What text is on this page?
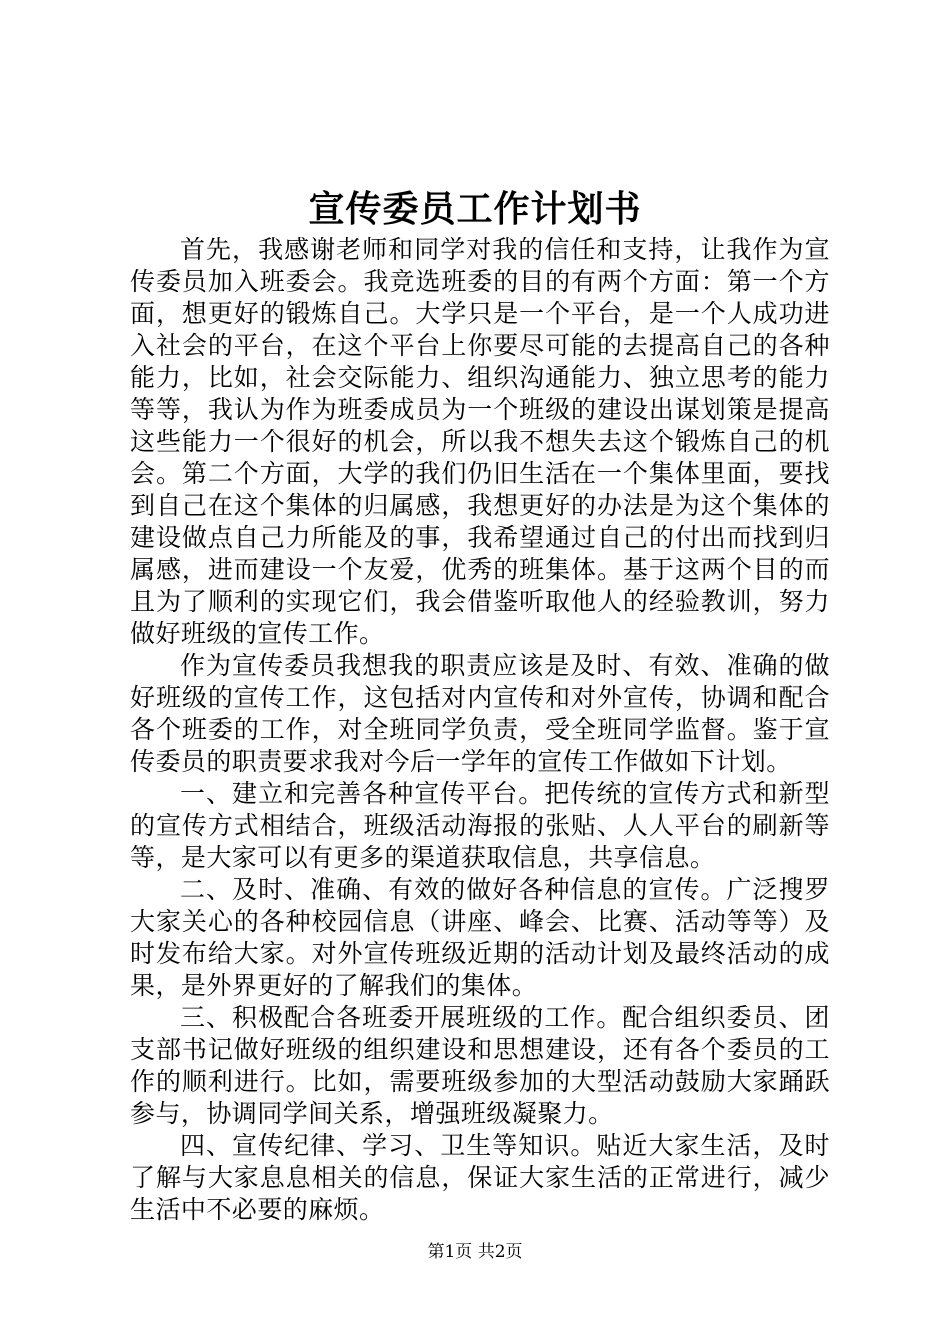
宣传委员工作计划书

首先，我感谢老师和同学对我的信任和支持，让我作为宣传委员加入班委会。我竞选班委的目的有两个方面：第一个方面，想更好的锻炼自己。大学只是一个平台，是一个人成功进入社会的平台，在这个平台上你要尽可能的去提高自己的各种能力，比如，社会交际能力、组织沟通能力、独立思考的能力等等，我认为作为班委成员为一个班级的建设出谋划策是提高这些能力一个很好的机会，所以我不想失去这个锻炼自己的机会。第二个方面，大学的我们仍旧生活在一个集体里面，要找到自己在这个集体的归属感，我想更好的办法是为这个集体的建设做点自己力所能及的事，我希望通过自己的付出而找到归属感，进而建设一个友爱，优秀的班集体。基于这两个目的而且为了顺利的实现它们，我会借鉴听取他人的经验教训，努力做好班级的宣传工作。

作为宣传委员我想我的职责应该是及时、有效、准确的做好班级的宣传工作，这包括对内宣传和对外宣传，协调和配合各个班委的工作，对全班同学负责，受全班同学监督。鉴于宣传委员的职责要求我对今后一学年的宣传工作做如下计划。

一、建立和完善各种宣传平台。把传统的宣传方式和新型的宣传方式相结合，班级活动海报的张贴、人人平台的刷新等等，是大家可以有更多的渠道获取信息，共享信息。

二、及时、准确、有效的做好各种信息的宣传。广泛搜罗大家关心的各种校园信息（讲座、峰会、比赛、活动等等）及时发布给大家。对外宣传班级近期的活动计划及最终活动的成果，是外界更好的了解我们的集体。

三、积极配合各班委开展班级的工作。配合组织委员、团支部书记做好班级的组织建设和思想建设，还有各个委员的工作的顺利进行。比如，需要班级参加的大型活动鼓励大家踊跃参与，协调同学间关系，增强班级凝聚力。

四、宣传纪律、学习、卫生等知识。贴近大家生活，及时了解与大家息息相关的信息，保证大家生活的正常进行，减少生活中不必要的麻烦。

第1页 共2页
